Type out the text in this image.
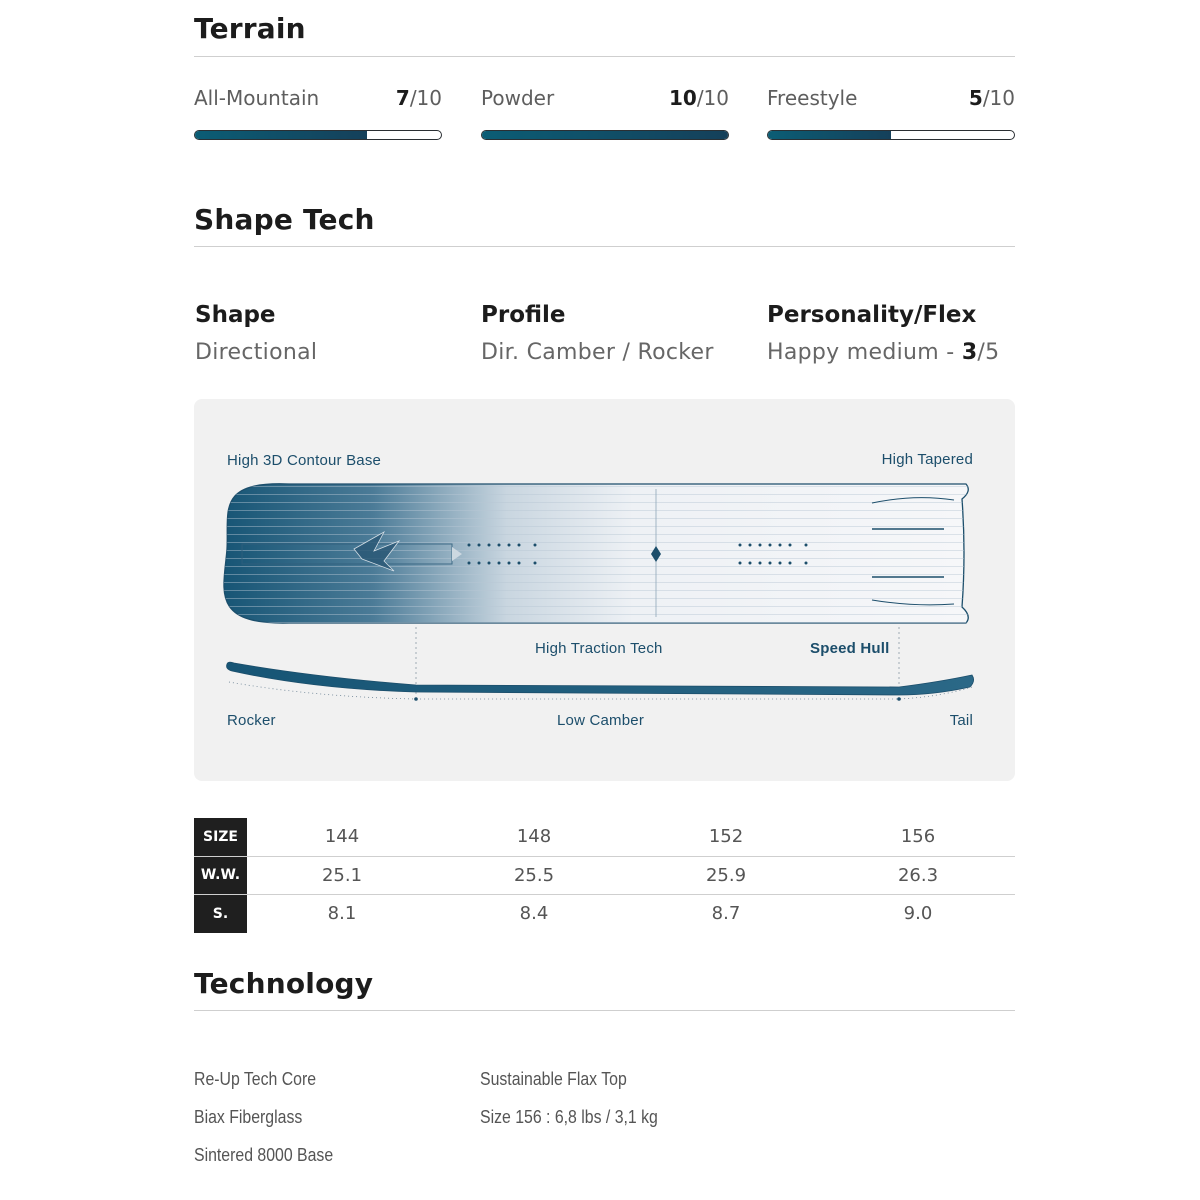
Terrain
All-Mountain	7/10 Powder	10/10 Freestyle	5/10
Shape Tech
Shape
Directional
Profile
Dir. Camber / Rocker
Personality/Flex
Happy medium - 3/5
High 3D Contour Base	High Tapered
High Traction Tech	Speed Hull
Rocker	Low Camber	Tail
SIZE	144	148	152	156
W.W.	25.1	25.5	25.9	26.3
S.	8.1	8.4	8.7	9.0
Technology
Re-Up Tech Core
Biax Fiberglass
Sintered 8000 Base
Sustainable Flax Top
Size 156 : 6,8 lbs / 3,1 kg
